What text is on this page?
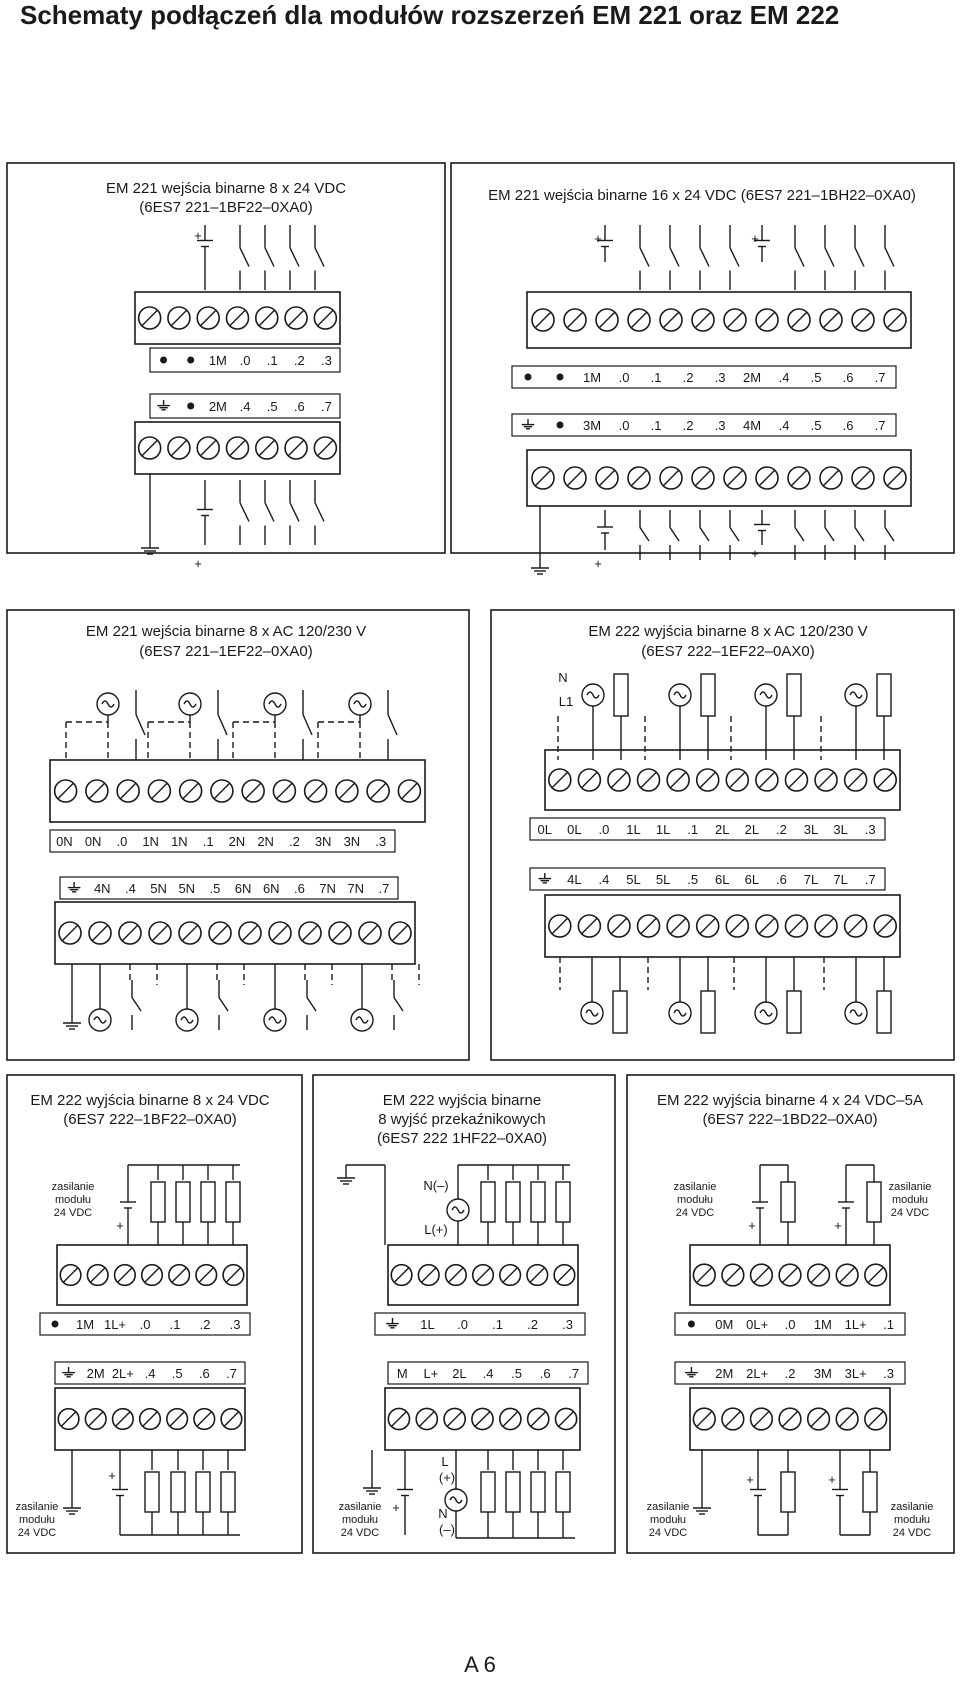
Schematy podłączeń dla modułów rozszerzeń EM 221 oraz EM 222
A 6
EM 221 wejścia binarne 8 x 24 VDC
(6ES7 221–1BF22–0XA0)
+
1M .0 .1 .2 .3
2M .4 .5 .6 .7
+
EM 221 wejścia binarne 16 x 24 VDC (6ES7 221–1BH22–0XA0)
+	+
1M .0 .1 .2 .3 2M .4 .5 .6 .7
3M .0 .1 .2 .3 4M .4 .5 .6 .7
+
+
EM 221 wejścia binarne 8 x AC 120/230 V
(6ES7 221–1EF22–0XA0)
0N 0N .0 1N 1N .1 2N 2N .2 3N 3N .3
4N .4 5N 5N .5 6N 6N .6 7N 7N .7
EM 222 wyjścia binarne 8 x AC 120/230 V
(6ES7 222–1EF22–0AX0)
N
L1
0L 0L .0 1L 1L .1 2L 2L .2 3L 3L .3
4L .4 5L 5L .5 6L 6L .6 7L 7L .7
EM 222 wyjścia binarne 8 x 24 VDC
(6ES7 222–1BF22–0XA0)
zasilanie
modułu
24 VDC
+
1M 1L+ .0 .1 .2 .3
2M 2L+ .4 .5 .6 .7
zasilanie
modułu
24 VDC
+
EM 222 wyjścia binarne
8 wyjść przekaźnikowych
(6ES7 222 1HF22–0XA0)
N(–)
L(+)
1L .0 .1 .2 .3
M L+ 2L .4 .5 .6 .7
L
(+)
N
(–)
zasilanie
modułu
24 VDC
+
EM 222 wyjścia binarne 4 x 24 VDC–5A
(6ES7 222–1BD22–0XA0)
zasilanie
modułu
24 VDC
zasilanie
modułu
24 VDC
+	+
0M 0L+ .0 1M 1L+ .1
2M 2L+ .2 3M 3L+ .3
zasilanie
modułu
24 VDC
zasilanie
modułu
24 VDC
+	+
